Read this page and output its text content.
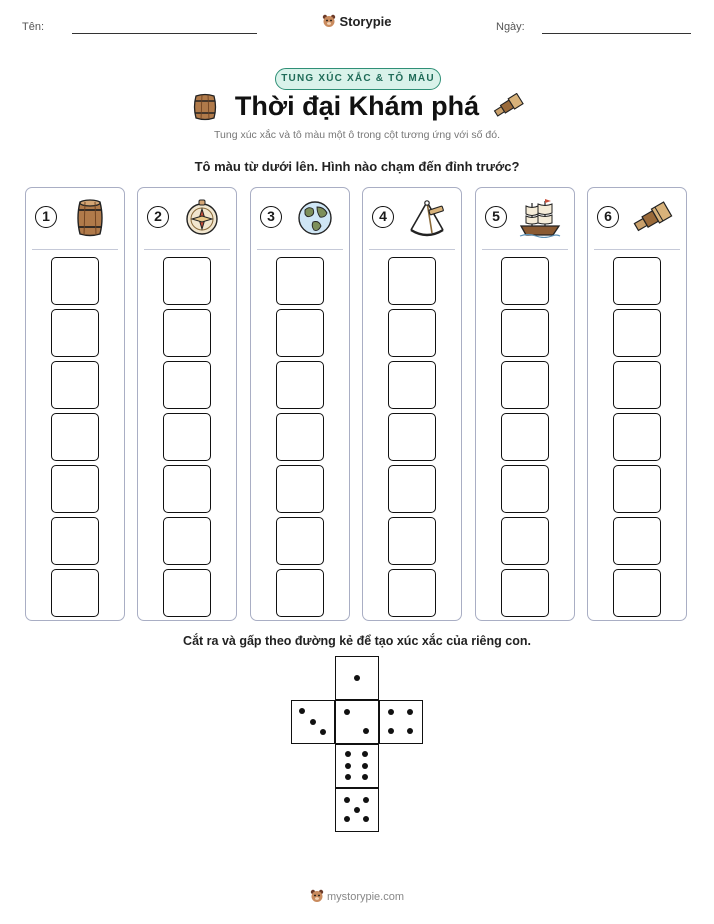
Tên:	Storypie	Ngày:
TUNG XÚC XẮC & TÔ MÀU
Thời đại Khám phá
Tung xúc xắc và tô màu một ô trong cột tương ứng với số đó.
Tô màu từ dưới lên. Hình nào chạm đến đỉnh trước?
1	2	3	4	5	6
Cắt ra và gấp theo đường kẻ để tạo xúc xắc của riêng con.
mystorypie.com
